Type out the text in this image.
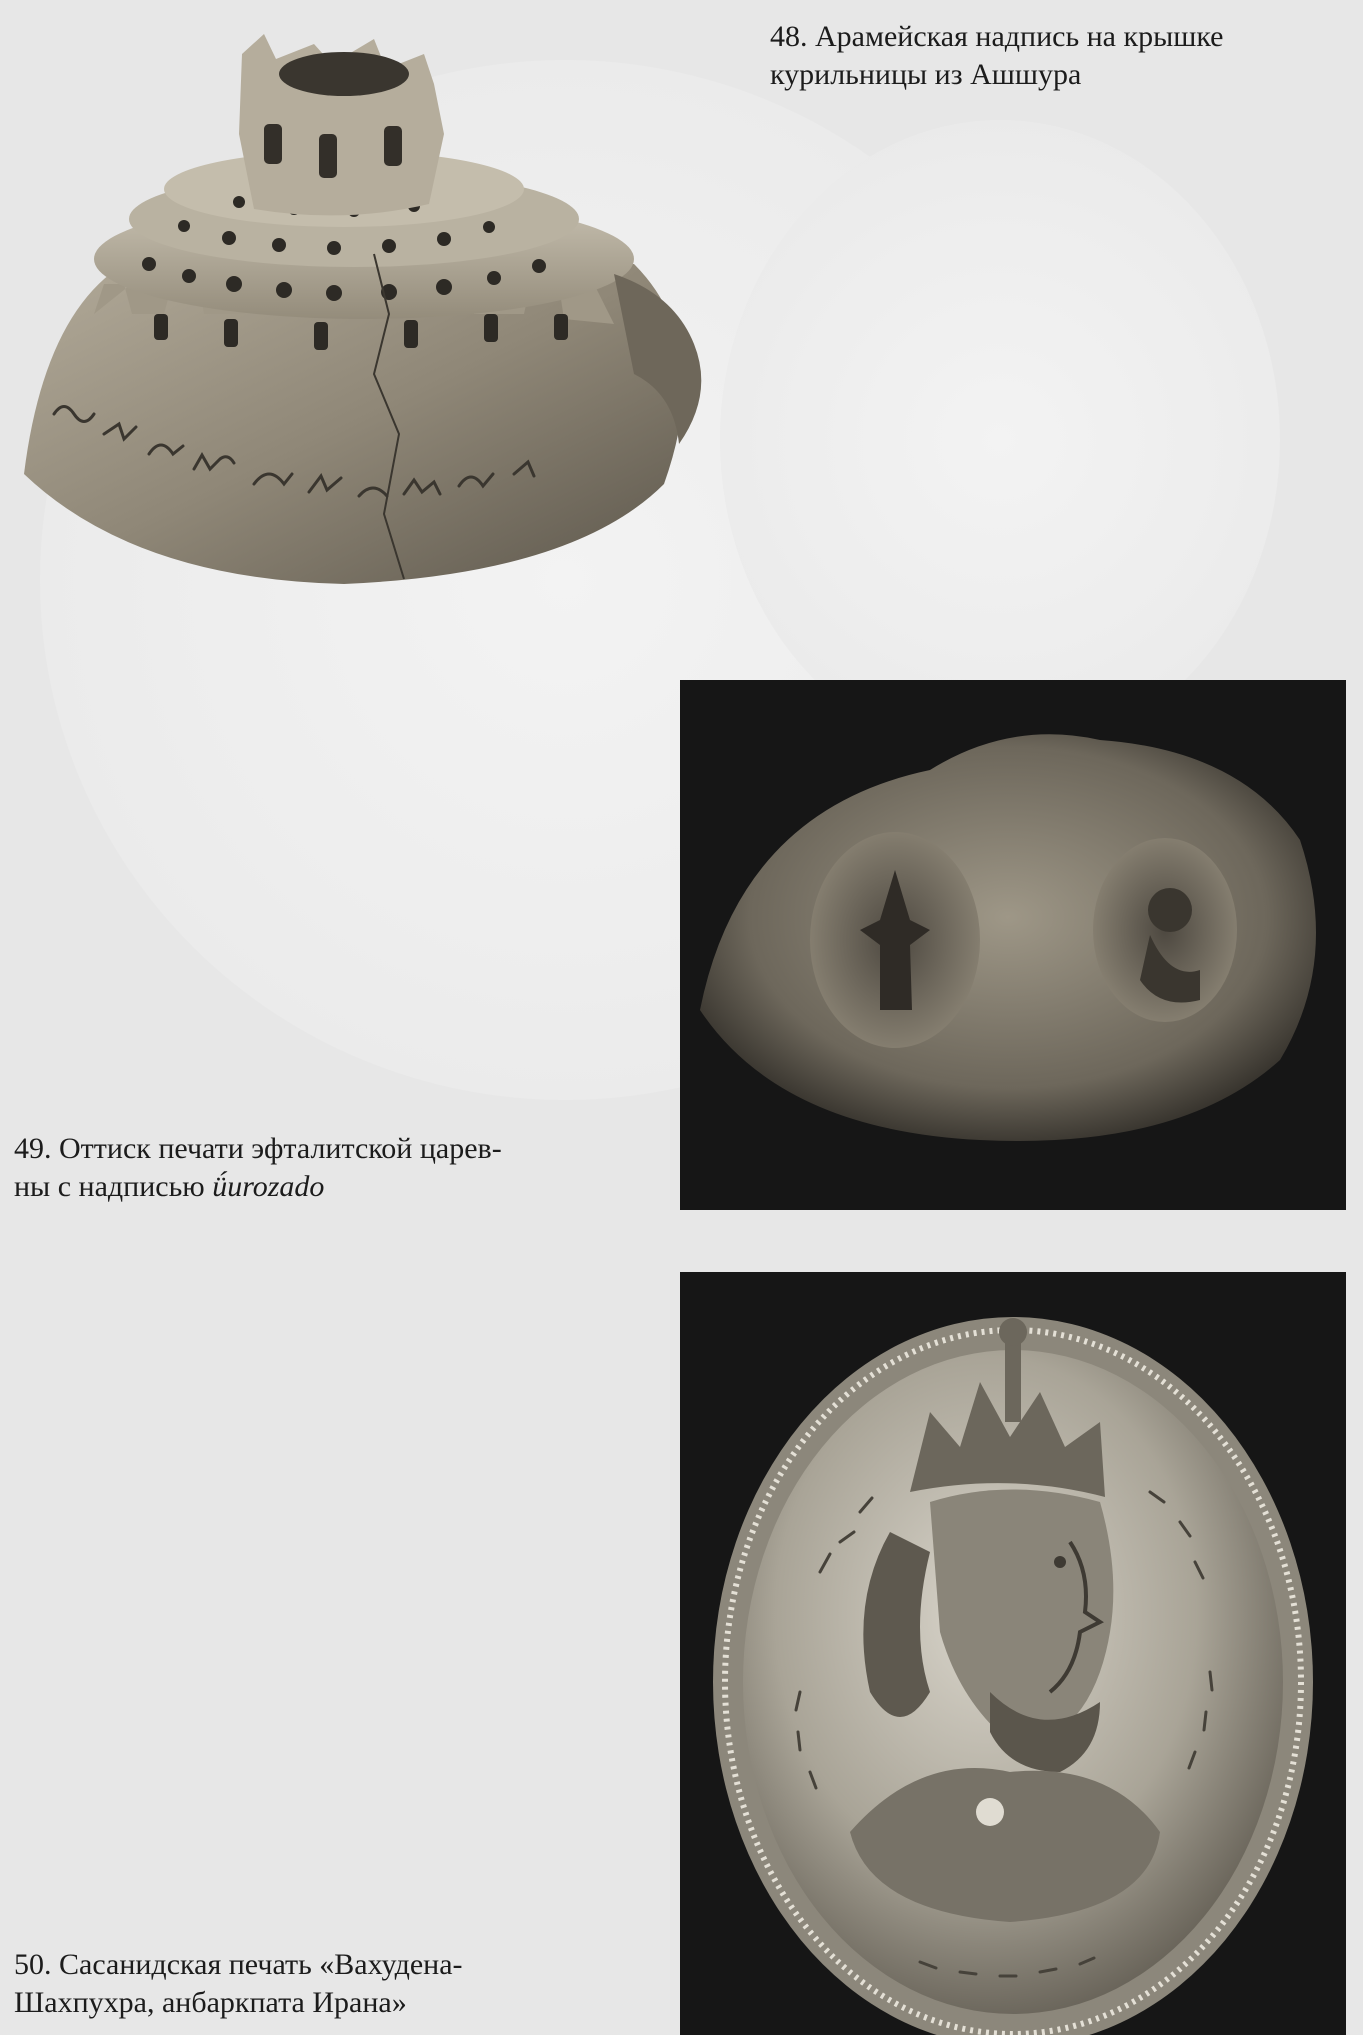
48. Арамейская надпись на крышке
курильницы из Ашшура
49. Оттиск печати эфталитской царев-
ны с надписью ǘurozado
50. Сасанидская печать «Вахудена-
Шахпухра, анбаркпата Ирана»
